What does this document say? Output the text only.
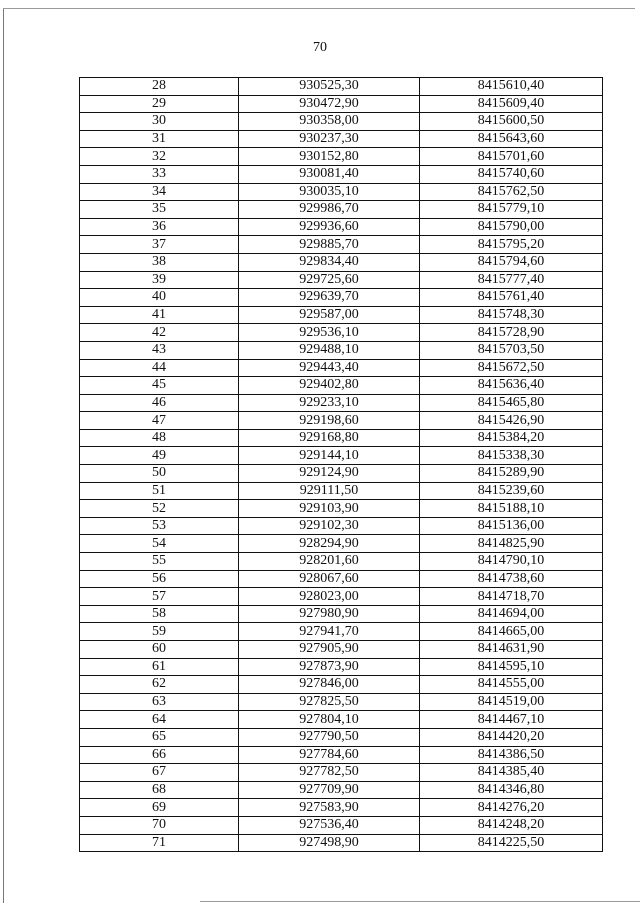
70
28	930525,30	8415610,40
29	930472,90	8415609,40
30	930358,00	8415600,50
31	930237,30	8415643,60
32	930152,80	8415701,60
33	930081,40	8415740,60
34	930035,10	8415762,50
35	929986,70	8415779,10
36	929936,60	8415790,00
37	929885,70	8415795,20
38	929834,40	8415794,60
39	929725,60	8415777,40
40	929639,70	8415761,40
41	929587,00	8415748,30
42	929536,10	8415728,90
43	929488,10	8415703,50
44	929443,40	8415672,50
45	929402,80	8415636,40
46	929233,10	8415465,80
47	929198,60	8415426,90
48	929168,80	8415384,20
49	929144,10	8415338,30
50	929124,90	8415289,90
51	929111,50	8415239,60
52	929103,90	8415188,10
53	929102,30	8415136,00
54	928294,90	8414825,90
55	928201,60	8414790,10
56	928067,60	8414738,60
57	928023,00	8414718,70
58	927980,90	8414694,00
59	927941,70	8414665,00
60	927905,90	8414631,90
61	927873,90	8414595,10
62	927846,00	8414555,00
63	927825,50	8414519,00
64	927804,10	8414467,10
65	927790,50	8414420,20
66	927784,60	8414386,50
67	927782,50	8414385,40
68	927709,90	8414346,80
69	927583,90	8414276,20
70	927536,40	8414248,20
71	927498,90	8414225,50
